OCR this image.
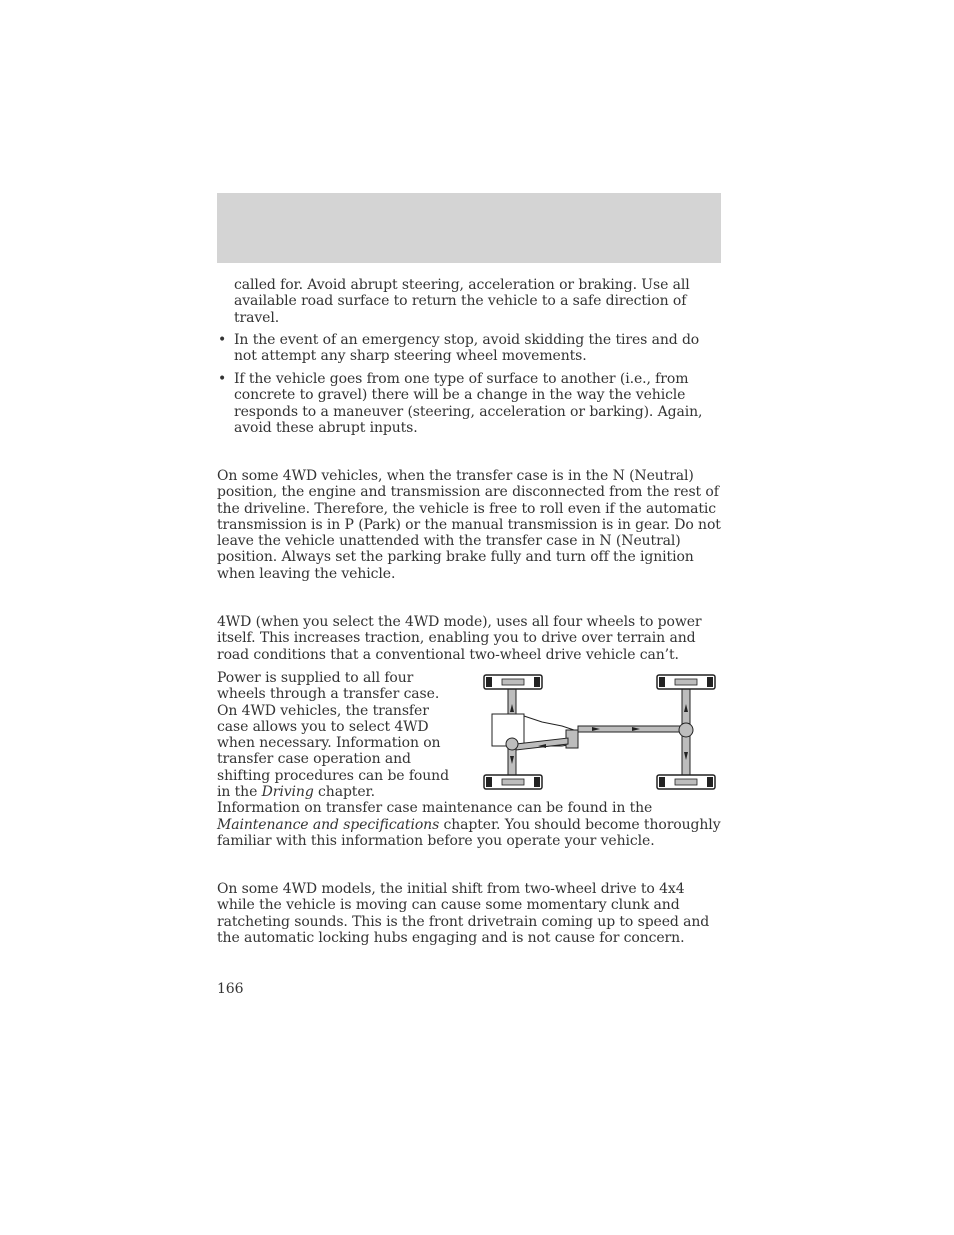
called for. Avoid abrupt steering, acceleration or braking. Use all available road surface to return the vehicle to a safe direction of travel.

• In the event of an emergency stop, avoid skidding the tires and do not attempt any sharp steering wheel movements.
• If the vehicle goes from one type of surface to another (i.e., from concrete to gravel) there will be a change in the way the vehicle responds to a maneuver (steering, acceleration or barking). Again, avoid these abrupt inputs.

On some 4WD vehicles, when the transfer case is in the N (Neutral) position, the engine and transmission are disconnected from the rest of the driveline. Therefore, the vehicle is free to roll even if the automatic transmission is in P (Park) or the manual transmission is in gear. Do not leave the vehicle unattended with the transfer case in N (Neutral) position. Always set the parking brake fully and turn off the ignition when leaving the vehicle.

4WD (when you select the 4WD mode), uses all four wheels to power itself. This increases traction, enabling you to drive over terrain and road conditions that a conventional two-wheel drive vehicle can’t.

Power is supplied to all four wheels through a transfer case. On 4WD vehicles, the transfer case allows you to select 4WD when necessary. Information on transfer case operation and shifting procedures can be found in the Driving chapter. Information on transfer case maintenance can be found in the Maintenance and specifications chapter. You should become thoroughly familiar with this information before you operate your vehicle.

On some 4WD models, the initial shift from two-wheel drive to 4x4 while the vehicle is moving can cause some momentary clunk and ratcheting sounds. This is the front drivetrain coming up to speed and the automatic locking hubs engaging and is not cause for concern.

166
